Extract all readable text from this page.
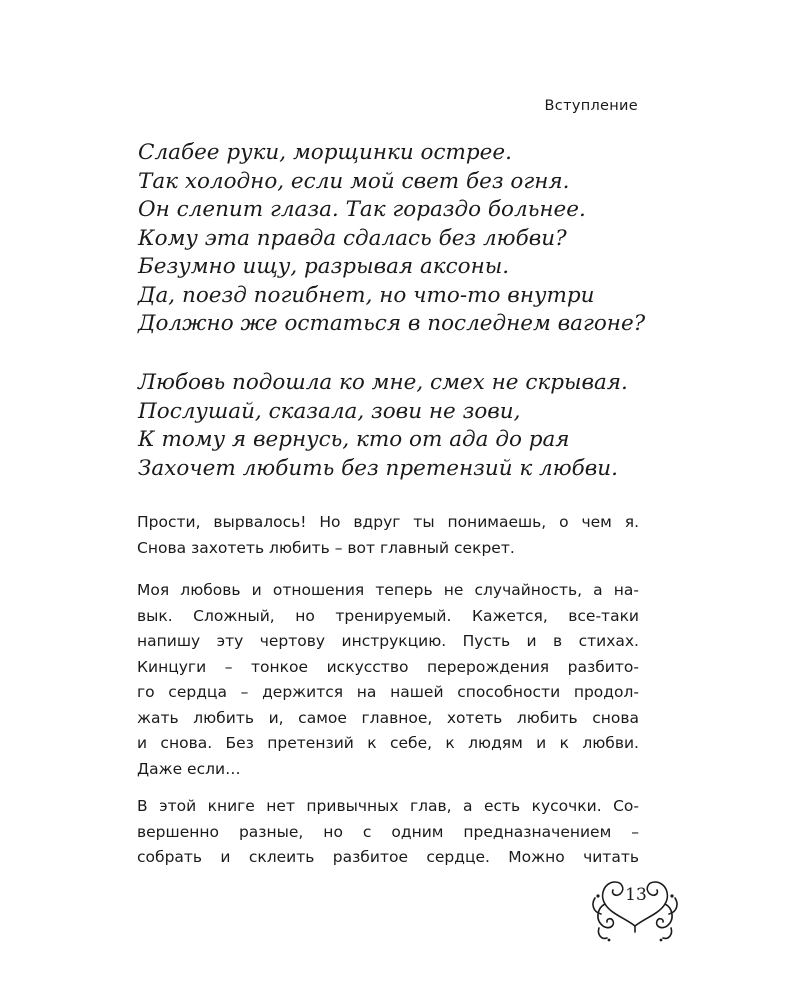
Вступление
Слабее руки, морщинки острее.
Так холодно, если мой свет без огня.
Он слепит глаза. Так гораздо больнее.
Кому эта правда сдалась без любви?
Безумно ищу, разрывая аксоны.
Да, поезд погибнет, но что-то внутри
Должно же остаться в последнем вагоне?
Любовь подошла ко мне, смех не скрывая.
Послушай, сказала, зови не зови,
К тому я вернусь, кто от ада до рая
Захочет любить без претензий к любви.
Прости, вырвалось! Но вдруг ты понимаешь, о чем я.
Снова захотеть любить – вот главный секрет.
Моя любовь и отношения теперь не случайность, а на-
вык. Сложный, но тренируемый. Кажется, все-таки
напишу эту чертову инструкцию. Пусть и в стихах.
Кинцуги – тонкое искусство перерождения разбито-
го сердца – держится на нашей способности продол-
жать любить и, самое главное, хотеть любить снова
и снова. Без претензий к себе, к людям и к любви.
Даже если…
В этой книге нет привычных глав, а есть кусочки. Со-
вершенно разные, но с одним предназначением –
собрать и склеить разбитое сердце. Можно читать
13
